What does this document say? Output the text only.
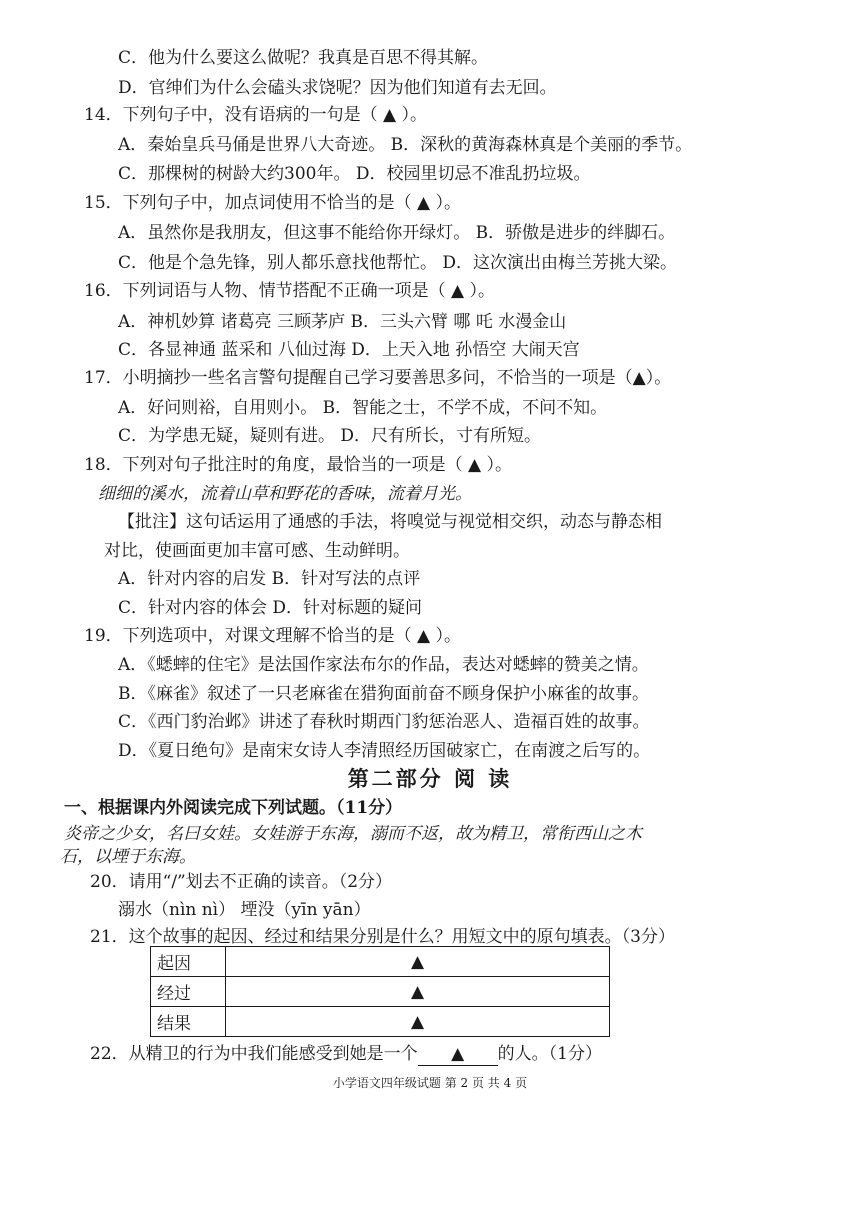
C．他为什么要这么做呢？我真是百思不得其解。
D．官绅们为什么会磕头求饶呢？因为他们知道有去无回。
14．下列句子中，没有语病的一句是（ ▲ ）。
A．秦始皇兵马俑是世界八大奇迹。 B．深秋的黄海森林真是个美丽的季节。
C．那棵树的树龄大约300年。 D．校园里切忌不准乱扔垃圾。
15．下列句子中，加点词使用不恰当的是（ ▲ ）。
A．虽然你是我朋友，但这事不能给你开绿灯。 B．骄傲是进步的绊脚石。
C．他是个急先锋，别人都乐意找他帮忙。 D．这次演出由梅兰芳挑大梁。
16．下列词语与人物、情节搭配不正确一项是（ ▲ ）。
A．神机妙算 诸葛亮 三顾茅庐 B．三头六臂 哪 吒 水漫金山
C．各显神通 蓝采和 八仙过海 D．上天入地 孙悟空 大闹天宫
17．小明摘抄一些名言警句提醒自己学习要善思多问，不恰当的一项是（▲）。
A．好问则裕，自用则小。 B．智能之士，不学不成，不问不知。
C．为学患无疑，疑则有进。 D．尺有所长，寸有所短。
18．下列对句子批注时的角度，最恰当的一项是（ ▲ ）。
细细的溪水，流着山草和野花的香味，流着月光。
【批注】这句话运用了通感的手法，将嗅觉与视觉相交织，动态与静态相
对比，使画面更加丰富可感、生动鲜明。
A．针对内容的启发 B．针对写法的点评
C．针对内容的体会 D．针对标题的疑问
19．下列选项中，对课文理解不恰当的是（ ▲ ）。
A．《蟋蟀的住宅》是法国作家法布尔的作品，表达对蟋蟀的赞美之情。
B．《麻雀》叙述了一只老麻雀在猎狗面前奋不顾身保护小麻雀的故事。
C．《西门豹治邺》讲述了春秋时期西门豹惩治恶人、造福百姓的故事。
D．《夏日绝句》是南宋女诗人李清照经历国破家亡，在南渡之后写的。
第二部分 阅 读
一、根据课内外阅读完成下列试题。（11分）
炎帝之少女，名曰女娃。女娃游于东海，溺而不返，故为精卫，常衔西山之木
石，以堙于东海。
20．请用“/”划去不正确的读音。（2分）
溺水（nìn nì） 堙没（yīn yān）
21．这个故事的起因、经过和结果分别是什么？用短文中的原句填表。（3分）
起因	▲
经过	▲
结果	▲
22．从精卫的行为中我们能感受到她是一个 ▲ 的人。（1分）
小学语文四年级试题 第 2 页 共 4 页
